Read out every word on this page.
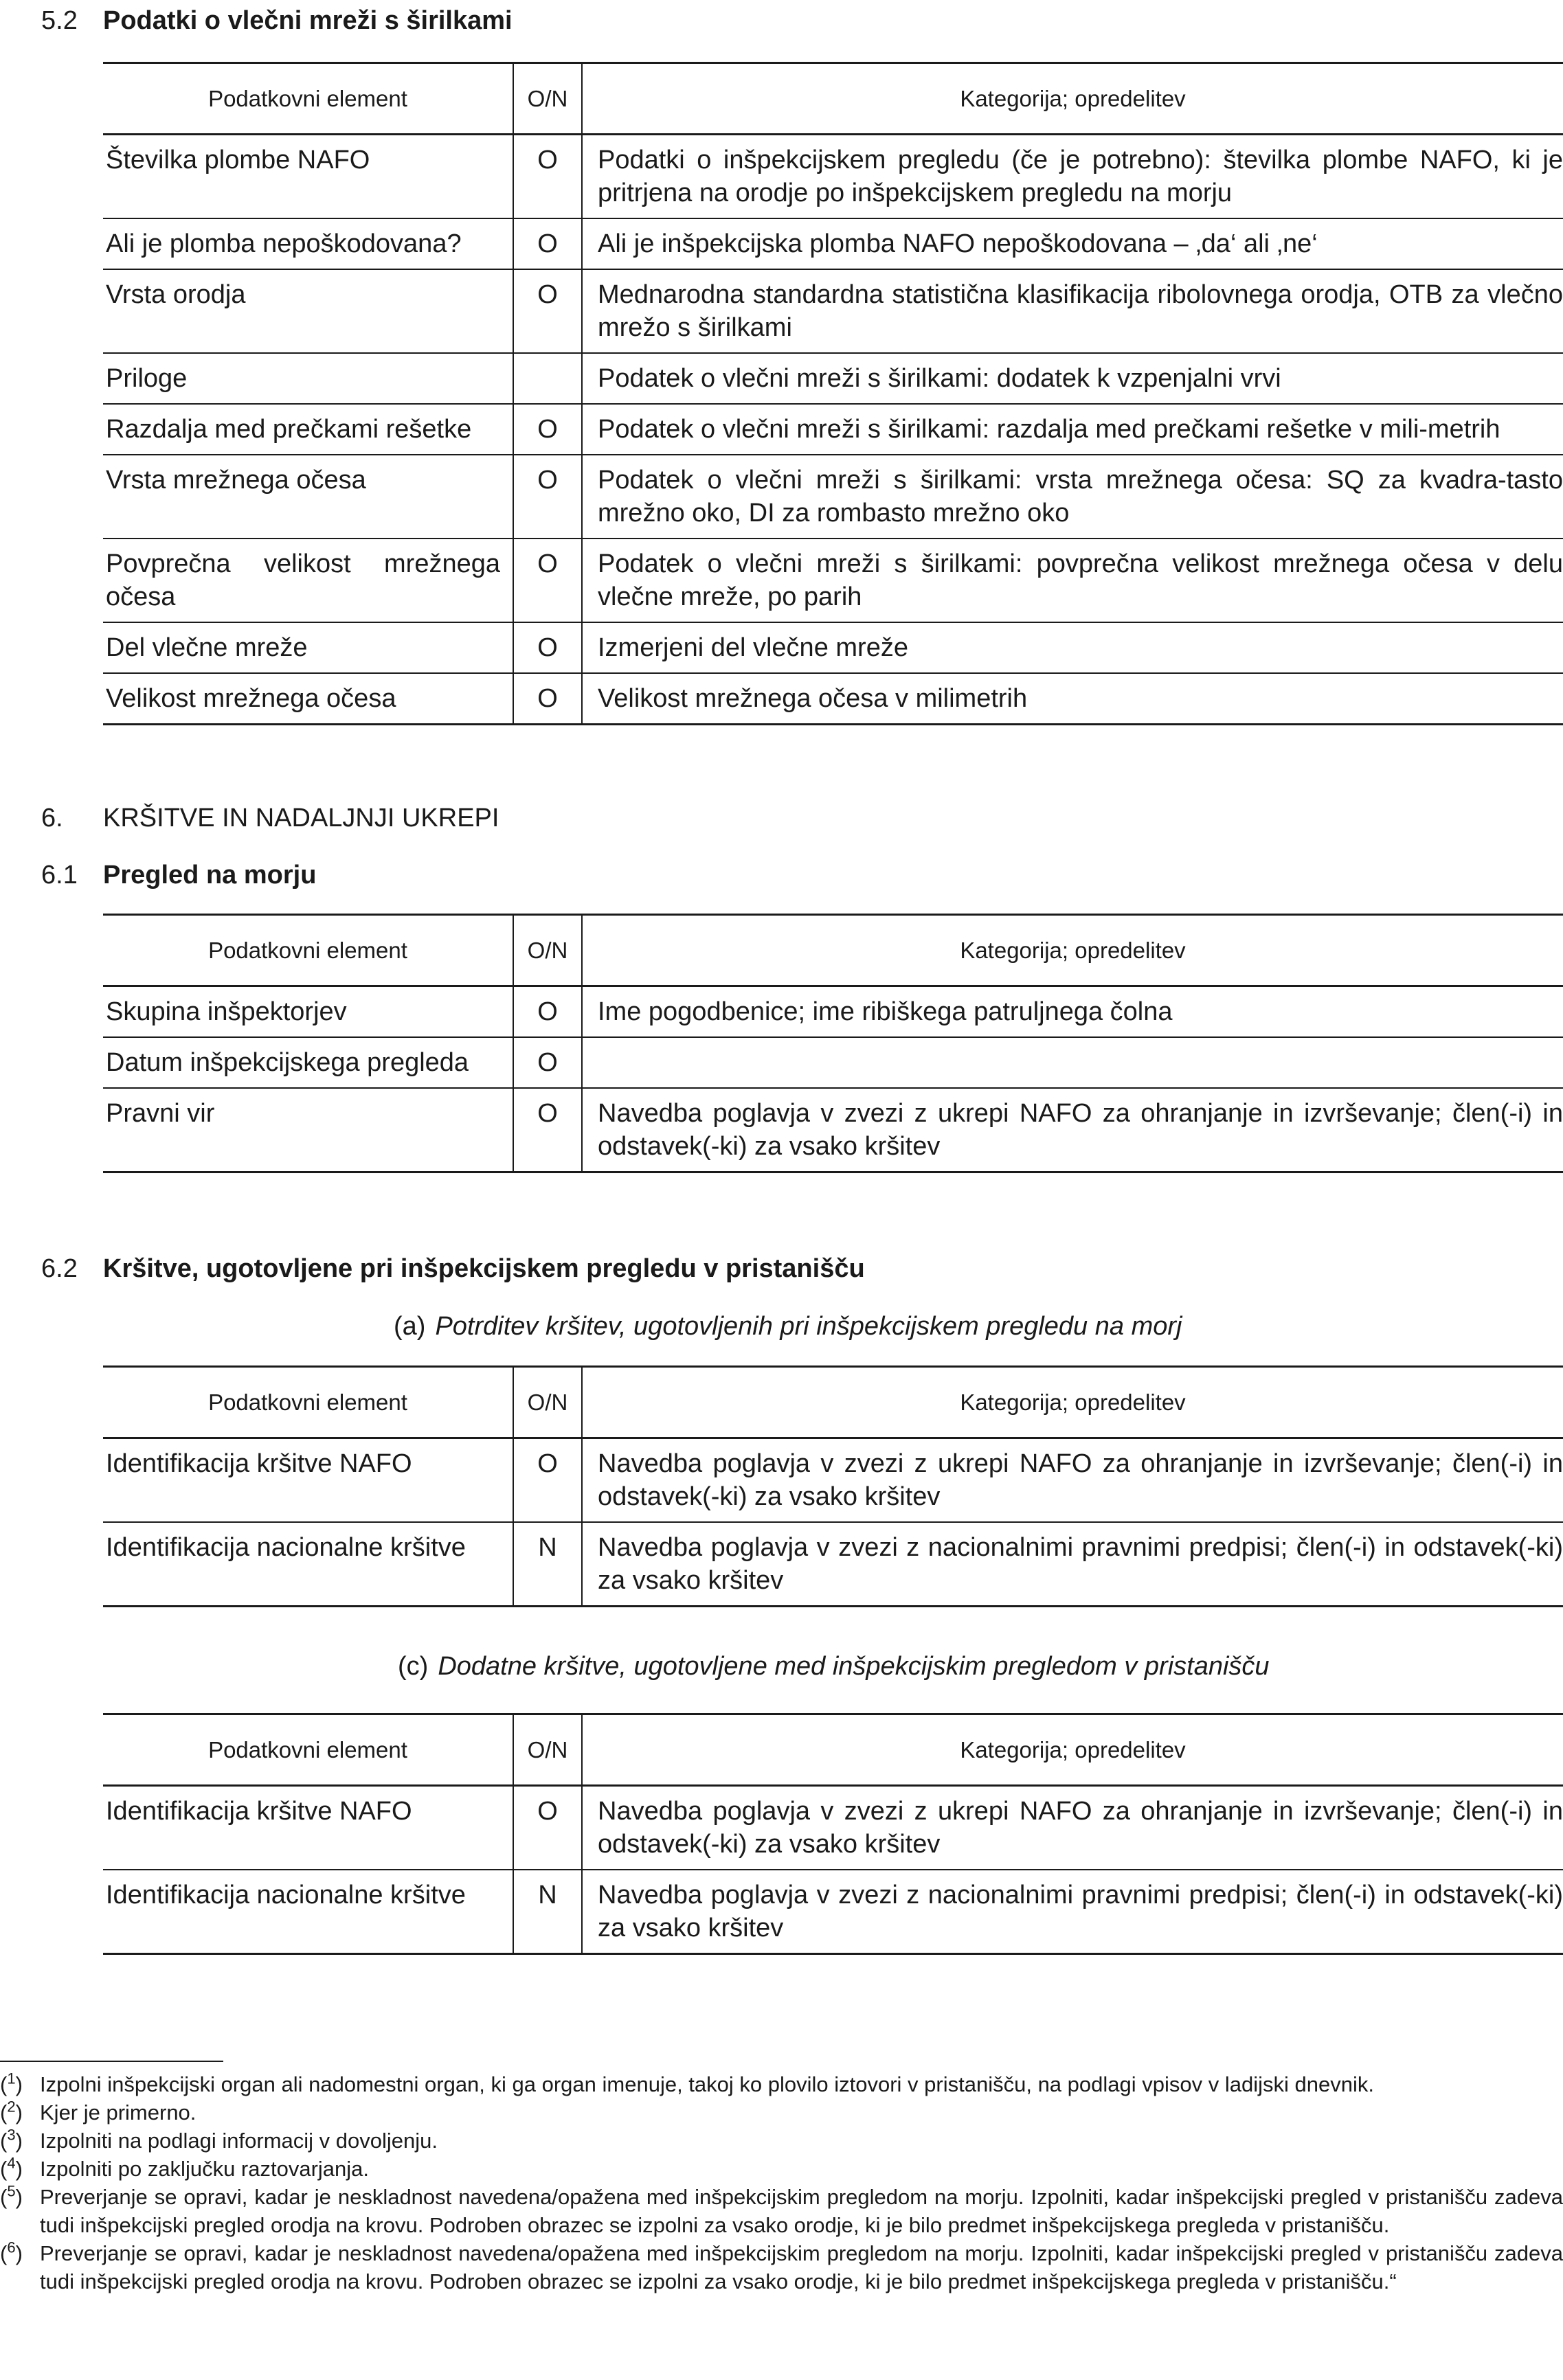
5.2 Podatki o vlečni mreži s širilkami
Podatkovni element	O/N	Kategorija; opredelitev
Številka plombe NAFO	O	Podatki o inšpekcijskem pregledu (če je potrebno): številka plombe NAFO, ki je pritrjena na orodje po inšpekcijskem pregledu na morju
Ali je plomba nepoškodovana?	O	Ali je inšpekcijska plomba NAFO nepoškodovana – ‚da‘ ali ‚ne‘
Vrsta orodja	O	Mednarodna standardna statistična klasifikacija ribolovnega orodja, OTB za vlečno mrežo s širilkami
Priloge		Podatek o vlečni mreži s širilkami: dodatek k vzpenjalni vrvi
Razdalja med prečkami rešetke	O	Podatek o vlečni mreži s širilkami: razdalja med prečkami rešetke v mili-metrih
Vrsta mrežnega očesa	O	Podatek o vlečni mreži s širilkami: vrsta mrežnega očesa: SQ za kvadra-tasto mrežno oko, DI za rombasto mrežno oko
Povprečna velikost mrežnega očesa	O	Podatek o vlečni mreži s širilkami: povprečna velikost mrežnega očesa v delu vlečne mreže, po parih
Del vlečne mreže	O	Izmerjeni del vlečne mreže
Velikost mrežnega očesa	O	Velikost mrežnega očesa v milimetrih
6. KRŠITVE IN NADALJNJI UKREPI
6.1 Pregled na morju
Podatkovni element	O/N	Kategorija; opredelitev
Skupina inšpektorjev	O	Ime pogodbenice; ime ribiškega patruljnega čolna
Datum inšpekcijskega pregleda	O	
Pravni vir	O	Navedba poglavja v zvezi z ukrepi NAFO za ohranjanje in izvrševanje; člen(-i) in odstavek(-ki) za vsako kršitev
6.2 Kršitve, ugotovljene pri inšpekcijskem pregledu v pristanišču
(a) Potrditev kršitev, ugotovljenih pri inšpekcijskem pregledu na morj
Podatkovni element	O/N	Kategorija; opredelitev
Identifikacija kršitve NAFO	O	Navedba poglavja v zvezi z ukrepi NAFO za ohranjanje in izvrševanje; člen(-i) in odstavek(-ki) za vsako kršitev
Identifikacija nacionalne kršitve	N	Navedba poglavja v zvezi z nacionalnimi pravnimi predpisi; člen(-i) in odstavek(-ki) za vsako kršitev
(c) Dodatne kršitve, ugotovljene med inšpekcijskim pregledom v pristanišču
Podatkovni element	O/N	Kategorija; opredelitev
Identifikacija kršitve NAFO	O	Navedba poglavja v zvezi z ukrepi NAFO za ohranjanje in izvrševanje; člen(-i) in odstavek(-ki) za vsako kršitev
Identifikacija nacionalne kršitve	N	Navedba poglavja v zvezi z nacionalnimi pravnimi predpisi; člen(-i) in odstavek(-ki) za vsako kršitev
($^1$) Izpolni inšpekcijski organ ali nadomestni organ, ki ga organ imenuje, takoj ko plovilo iztovori v pristanišču, na podlagi vpisov v ladijski dnevnik.
($^2$) Kjer je primerno.
($^3$) Izpolniti na podlagi informacij v dovoljenju.
($^4$) Izpolniti po zaključku raztovarjanja.
($^5$) Preverjanje se opravi, kadar je neskladnost navedena/opažena med inšpekcijskim pregledom na morju. Izpolniti, kadar inšpekcijski pregled v pristanišču zadeva tudi inšpekcijski pregled orodja na krovu. Podroben obrazec se izpolni za vsako orodje, ki je bilo predmet inšpekcijskega pregleda v pristanišču.
($^6$) Preverjanje se opravi, kadar je neskladnost navedena/opažena med inšpekcijskim pregledom na morju. Izpolniti, kadar inšpekcijski pregled v pristanišču zadeva tudi inšpekcijski pregled orodja na krovu. Podroben obrazec se izpolni za vsako orodje, ki je bilo predmet inšpekcijskega pregleda v pristanišču.“
